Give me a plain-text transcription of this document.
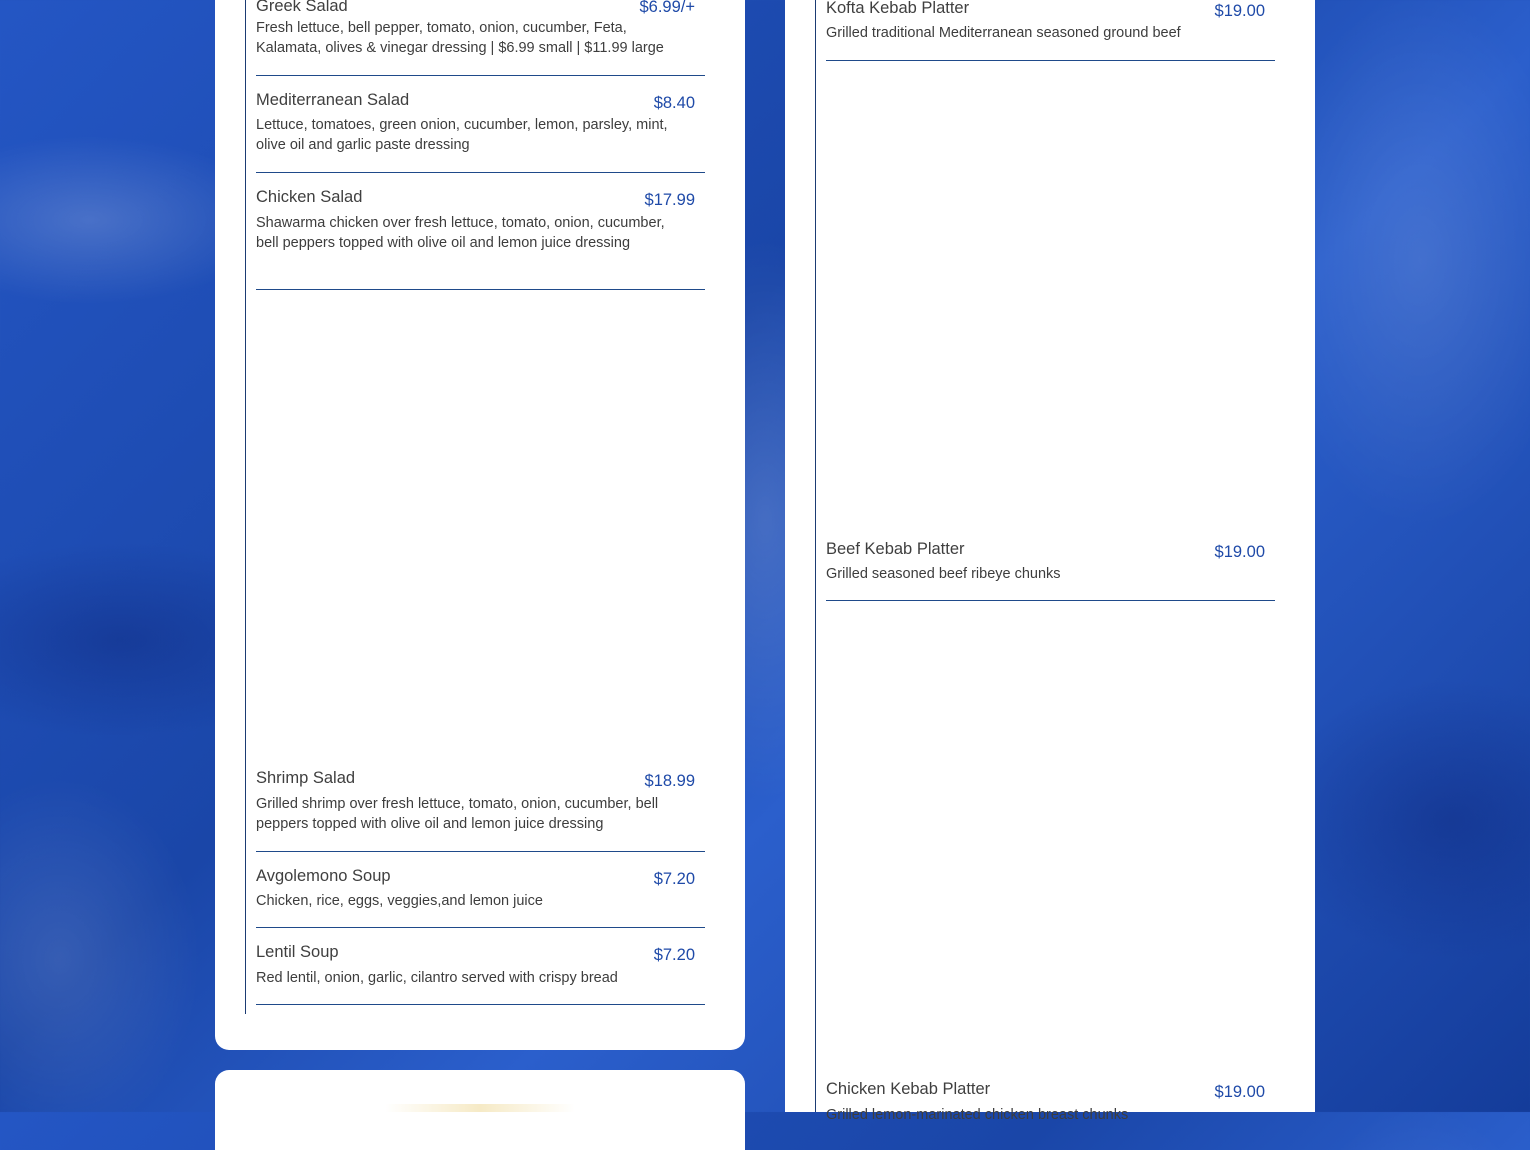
Greek Salad	$6.99/+
Fresh lettuce, bell pepper, tomato, onion, cucumber, Feta, Kalamata, olives & vinegar dressing | $6.99 small | $11.99 large
Mediterranean Salad	$8.40
Lettuce, tomatoes, green onion, cucumber, lemon, parsley, mint, olive oil and garlic paste dressing
Chicken Salad	$17.99
Shawarma chicken over fresh lettuce, tomato, onion, cucumber, bell peppers topped with olive oil and lemon juice dressing
Shrimp Salad	$18.99
Grilled shrimp over fresh lettuce, tomato, onion, cucumber, bell peppers topped with olive oil and lemon juice dressing
Avgolemono Soup	$7.20
Chicken, rice, eggs, veggies,and lemon juice
Lentil Soup	$7.20
Red lentil, onion, garlic, cilantro served with crispy bread
Kofta Kebab Platter	$19.00
Grilled traditional Mediterranean seasoned ground beef
Beef Kebab Platter	$19.00
Grilled seasoned beef ribeye chunks
Chicken Kebab Platter	$19.00
Grilled lemon-marinated chicken breast chunks
